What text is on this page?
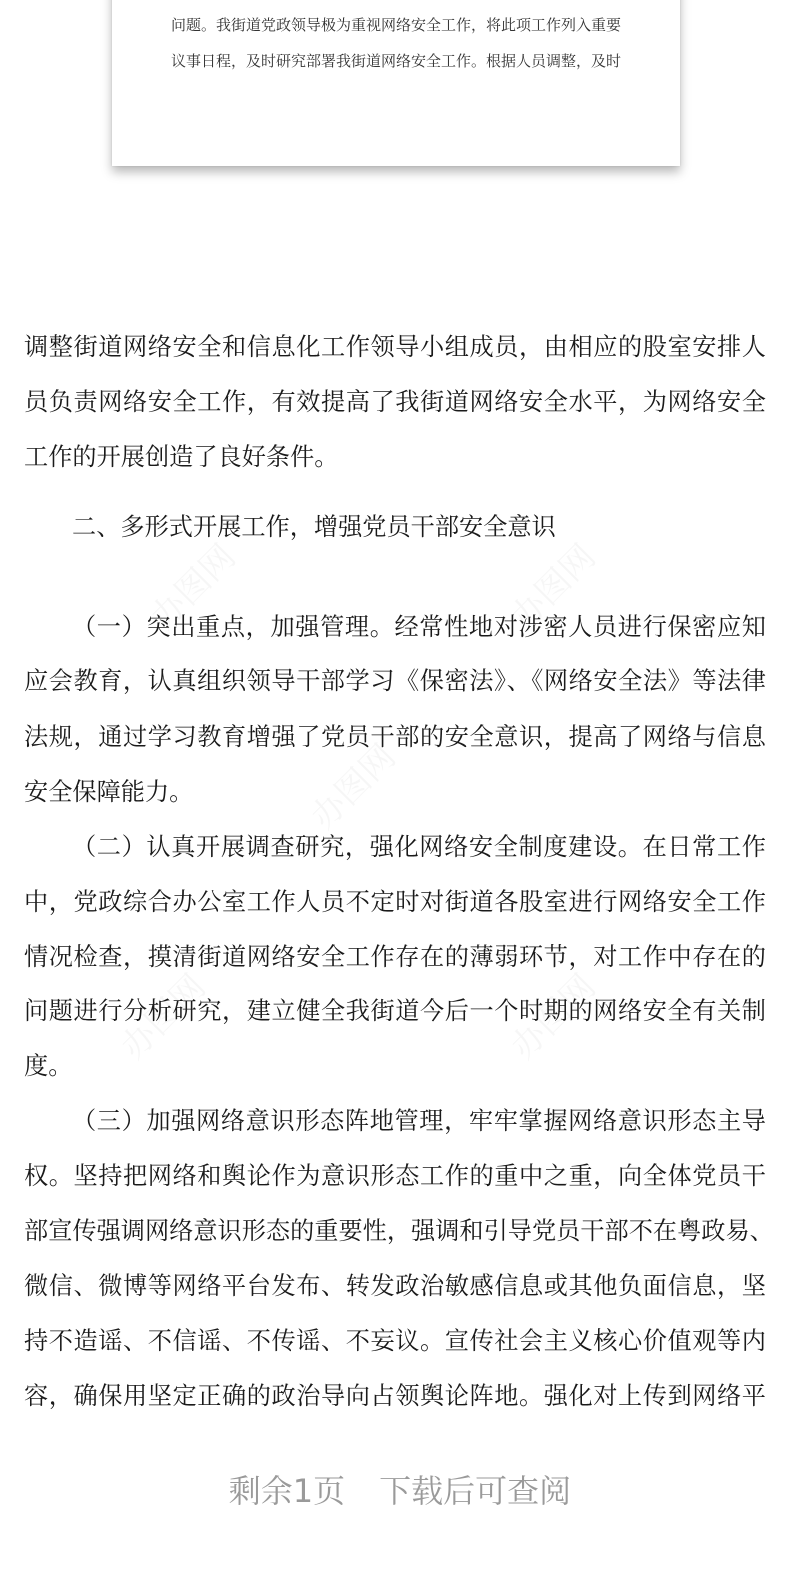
问题。我街道党政领导极为重视网络安全工作，将此项工作列入重要
议事日程，及时研究部署我街道网络安全工作。根据人员调整，及时
调整街道网络安全和信息化工作领导小组成员，由相应的股室安排人
员负责网络安全工作，有效提高了我街道网络安全水平，为网络安全
工作的开展创造了良好条件。
二、多形式开展工作，增强党员干部安全意识
（一）突出重点，加强管理。经常性地对涉密人员进行保密应知
应会教育，认真组织领导干部学习《保密法》、《网络安全法》等法律
法规，通过学习教育增强了党员干部的安全意识，提高了网络与信息
安全保障能力。
（二）认真开展调查研究，强化网络安全制度建设。在日常工作
中，党政综合办公室工作人员不定时对街道各股室进行网络安全工作
情况检查，摸清街道网络安全工作存在的薄弱环节，对工作中存在的
问题进行分析研究，建立健全我街道今后一个时期的网络安全有关制
度。
（三）加强网络意识形态阵地管理，牢牢掌握网络意识形态主导
权。坚持把网络和舆论作为意识形态工作的重中之重，向全体党员干
部宣传强调网络意识形态的重要性，强调和引导党员干部不在粤政易、
微信、微博等网络平台发布、转发政治敏感信息或其他负面信息，坚
持不造谣、不信谣、不传谣、不妄议。宣传社会主义核心价值观等内
容，确保用坚定正确的政治导向占领舆论阵地。强化对上传到网络平
剩余1页 下载后可查阅
